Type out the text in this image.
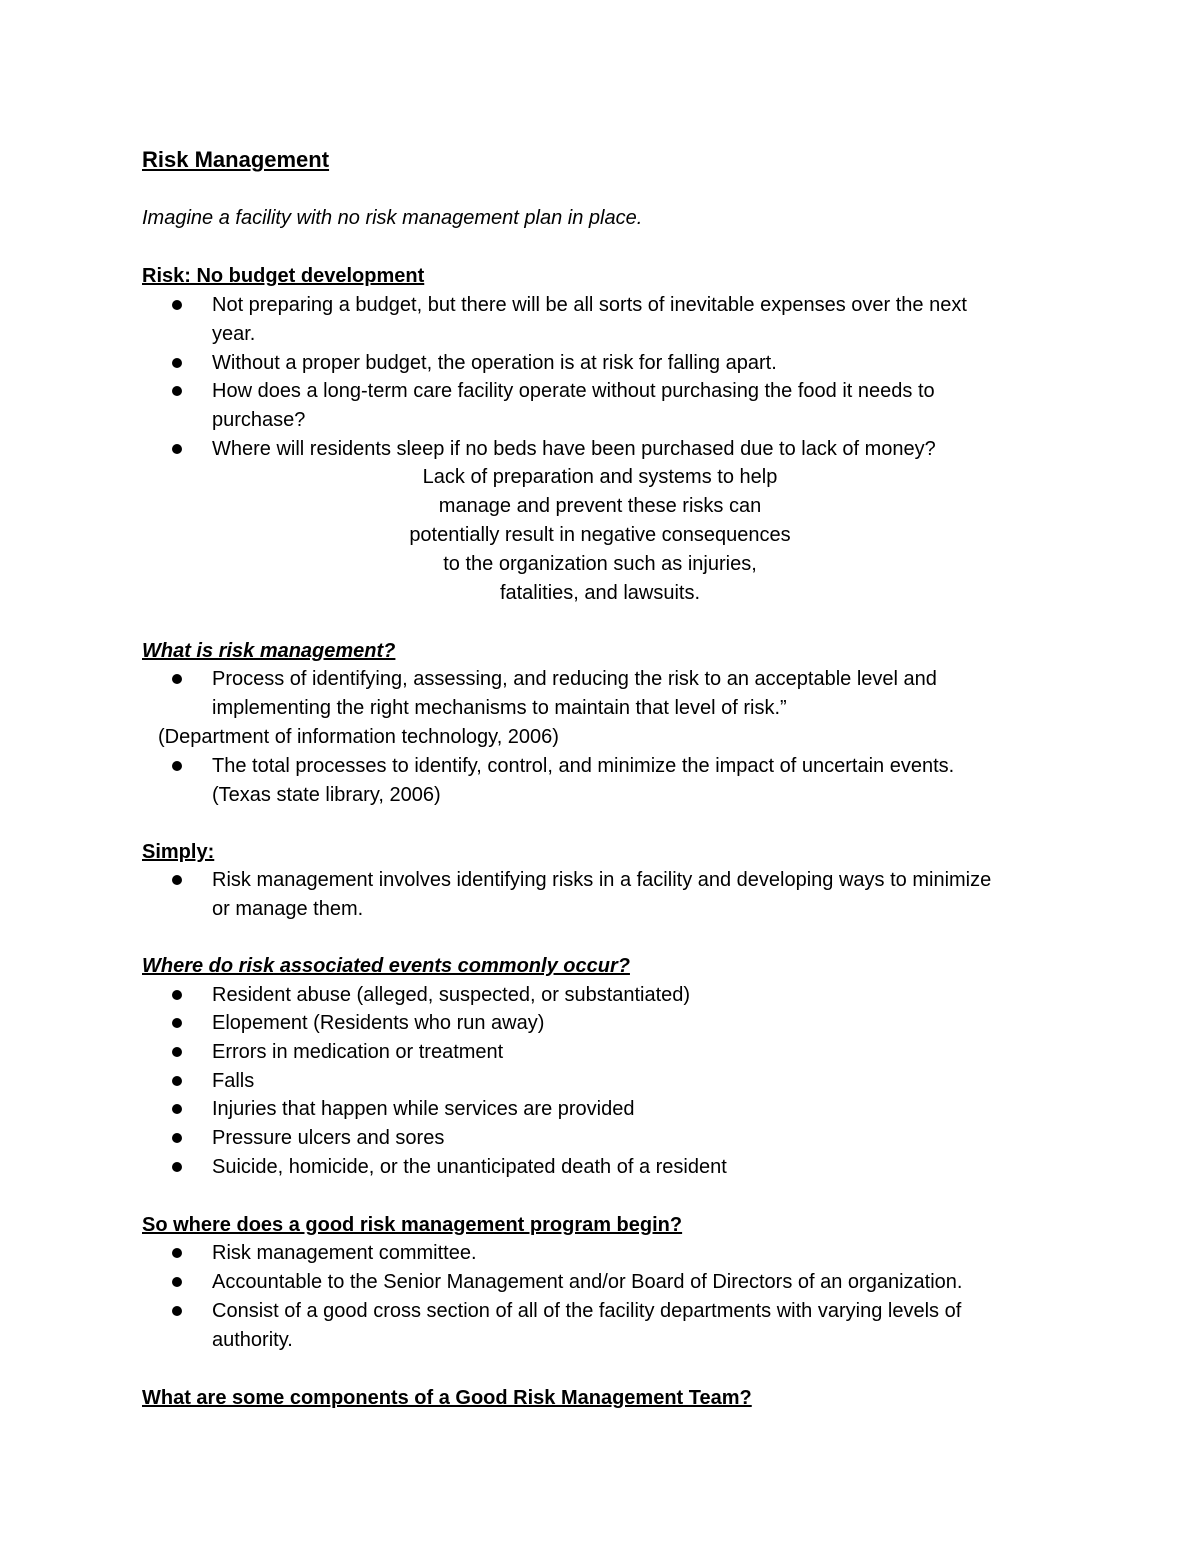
Risk Management
Imagine a facility with no risk management plan in place.
Risk: No budget development
Not preparing a budget, but there will be all sorts of inevitable expenses over the next
year.
Without a proper budget, the operation is at risk for falling apart.
How does a long-term care facility operate without purchasing the food it needs to
purchase?
Where will residents sleep if no beds have been purchased due to lack of money?
Lack of preparation and systems to help
manage and prevent these risks can
potentially result in negative consequences
to the organization such as injuries,
fatalities, and lawsuits.
What is risk management?
Process of identifying, assessing, and reducing the risk to an acceptable level and
implementing the right mechanisms to maintain that level of risk.”
(Department of information technology, 2006)
The total processes to identify, control, and minimize the impact of uncertain events.
(Texas state library, 2006)
Simply:
Risk management involves identifying risks in a facility and developing ways to minimize
or manage them.
Where do risk associated events commonly occur?
Resident abuse (alleged, suspected, or substantiated)
Elopement (Residents who run away)
Errors in medication or treatment
Falls
Injuries that happen while services are provided
Pressure ulcers and sores
Suicide, homicide, or the unanticipated death of a resident
So where does a good risk management program begin?
Risk management committee.
Accountable to the Senior Management and/or Board of Directors of an organization.
Consist of a good cross section of all of the facility departments with varying levels of
authority.
What are some components of a Good Risk Management Team?
